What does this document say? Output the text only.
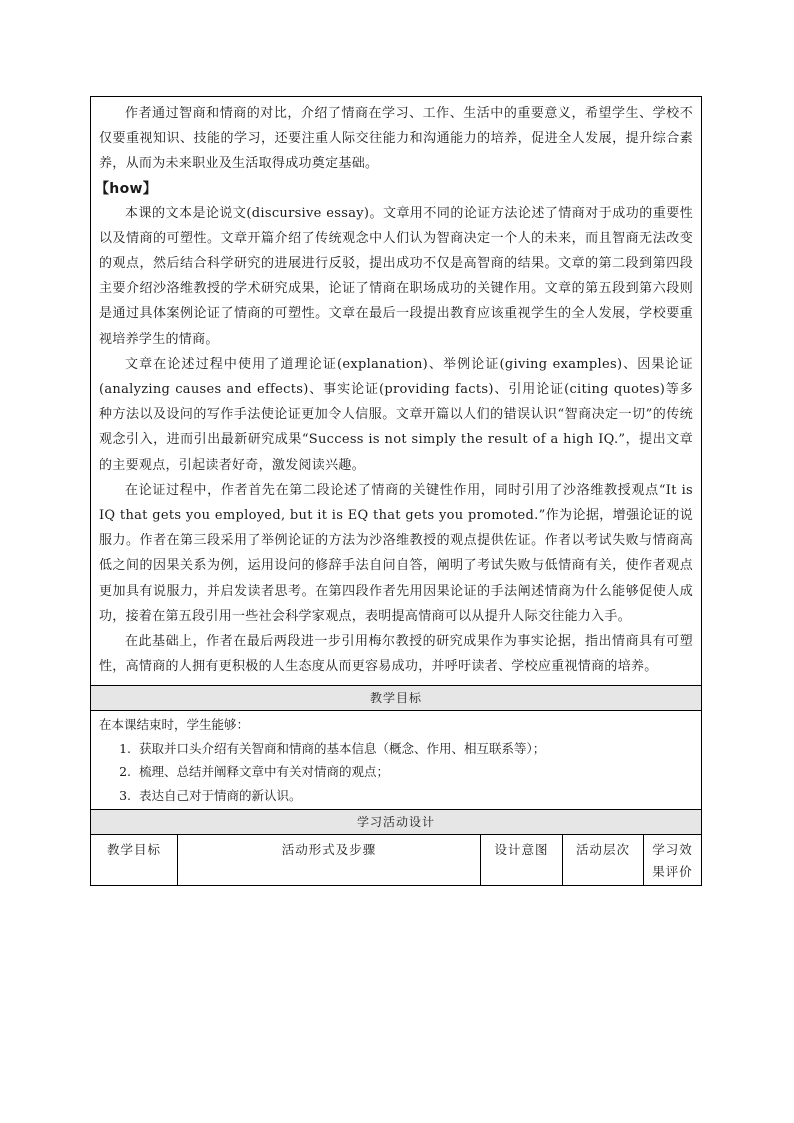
作者通过智商和情商的对比，介绍了情商在学习、工作、生活中的重要意义，希望学生、学校不仅要重视知识、技能的学习，还要注重人际交往能力和沟通能力的培养，促进全人发展，提升综合素养，从而为未来职业及生活取得成功奠定基础。

【how】

本课的文本是论说文(discursive essay)。文章用不同的论证方法论述了情商对于成功的重要性以及情商的可塑性。文章开篇介绍了传统观念中人们认为智商决定一个人的未来，而且智商无法改变的观点，然后结合科学研究的进展进行反驳，提出成功不仅是高智商的结果。文章的第二段到第四段主要介绍沙洛维教授的学术研究成果，论证了情商在职场成功的关键作用。文章的第五段到第六段则是通过具体案例论证了情商的可塑性。文章在最后一段提出教育应该重视学生的全人发展，学校要重视培养学生的情商。

文章在论述过程中使用了道理论证(explanation)、举例论证(giving examples)、因果论证(analyzing causes and effects)、事实论证(providing facts)、引用论证(citing quotes)等多种方法以及设问的写作手法使论证更加令人信服。文章开篇以人们的错误认识“智商决定一切”的传统观念引入，进而引出最新研究成果“Success is not simply the result of a high IQ.”，提出文章的主要观点，引起读者好奇，激发阅读兴趣。

在论证过程中，作者首先在第二段论述了情商的关键性作用，同时引用了沙洛维教授观点“It is IQ that gets you employed, but it is EQ that gets you promoted.”作为论据，增强论证的说服力。作者在第三段采用了举例论证的方法为沙洛维教授的观点提供佐证。作者以考试失败与情商高低之间的因果关系为例，运用设问的修辞手法自问自答，阐明了考试失败与低情商有关，使作者观点更加具有说服力，并启发读者思考。在第四段作者先用因果论证的手法阐述情商为什么能够促使人成功，接着在第五段引用一些社会科学家观点，表明提高情商可以从提升人际交往能力入手。

在此基础上，作者在最后两段进一步引用梅尔教授的研究成果作为事实论据，指出情商具有可塑性，高情商的人拥有更积极的人生态度从而更容易成功，并呼吁读者、学校应重视情商的培养。

教学目标

在本课结束时，学生能够：

1. 获取并口头介绍有关智商和情商的基本信息（概念、作用、相互联系等）；
2. 梳理、总结并阐释文章中有关对情商的观点；
3. 表达自己对于情商的新认识。
学习活动设计
教学目标	活动形式及步骤	设计意图	活动层次	学习效果评价
